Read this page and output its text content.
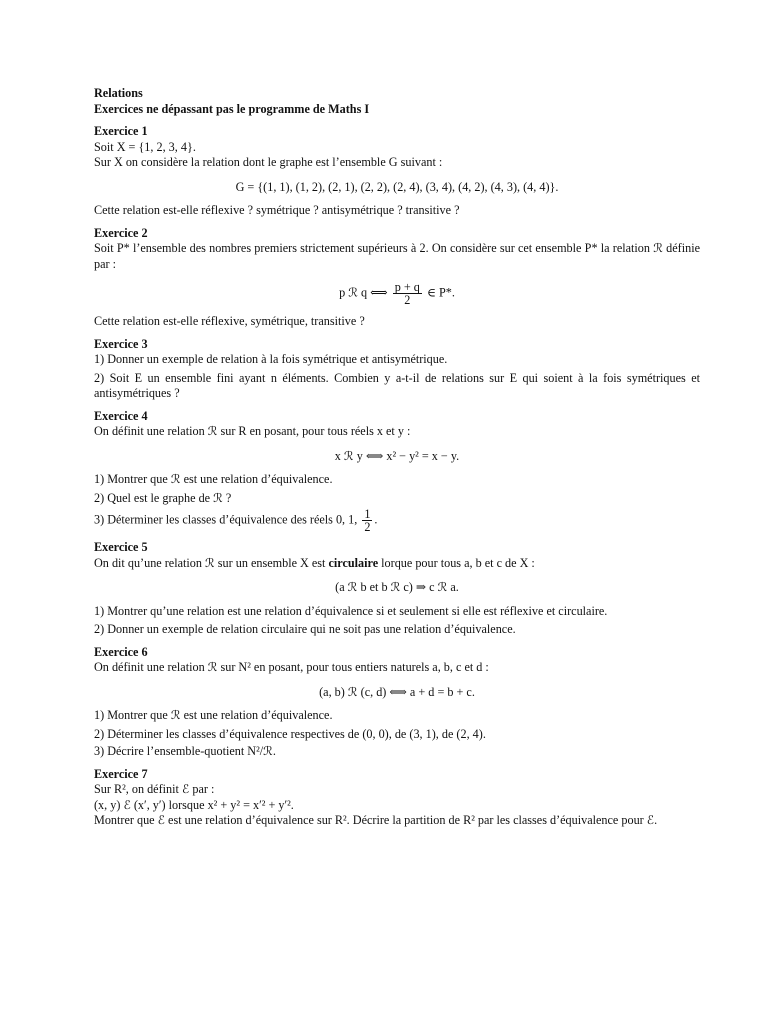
Relations
Exercices ne dépassant pas le programme de Maths I
Exercice 1
Soit X = {1, 2, 3, 4}.
Sur X on considère la relation dont le graphe est l’ensemble G suivant :
G = {(1, 1), (1, 2), (2, 1), (2, 2), (2, 4), (3, 4), (4, 2), (4, 3), (4, 4)}.
Cette relation est-elle réflexive ? symétrique ? antisymétrique ? transitive ?
Exercice 2
Soit P* l’ensemble des nombres premiers strictement supérieurs à 2. On considère sur cet ensemble P* la relation ℛ définie par :
p ℛ q ⟺ $\frac{p + q}{2}$ ∈ P*.
Cette relation est-elle réflexive, symétrique, transitive ?
Exercice 3
1) Donner un exemple de relation à la fois symétrique et antisymétrique.
2) Soit E un ensemble fini ayant n éléments. Combien y a-t-il de relations sur E qui soient à la fois symétriques et antisymétriques ?
Exercice 4
On définit une relation ℛ sur R en posant, pour tous réels x et y :
x ℛ y ⟺ x² − y² = x − y.
1) Montrer que ℛ est une relation d’équivalence.
2) Quel est le graphe de ℛ ?
3) Déterminer les classes d’équivalence des réels 0, 1, $\frac{1}{2}$ .
Exercice 5
On dit qu’une relation ℛ sur un ensemble X est circulaire lorque pour tous a, b et c de X :
(a ℛ b et b ℛ c) ⇒ c ℛ a.
1) Montrer qu’une relation est une relation d’équivalence si et seulement si elle est réflexive et circulaire.
2) Donner un exemple de relation circulaire qui ne soit pas une relation d’équivalence.
Exercice 6
On définit une relation ℛ sur N² en posant, pour tous entiers naturels a, b, c et d :
(a, b) ℛ (c, d) ⟺ a + d = b + c.
1) Montrer que ℛ est une relation d’équivalence.
2) Déterminer les classes d’équivalence respectives de (0, 0), de (3, 1), de (2, 4).
3) Décrire l’ensemble-quotient N²/ℛ.
Exercice 7
Sur R², on définit ℰ par :
(x, y) ℰ (x′, y′) lorsque x² + y² = x′² + y′².
Montrer que ℰ est une relation d’équivalence sur R². Décrire la partition de R² par les classes d’équivalence pour ℰ.
